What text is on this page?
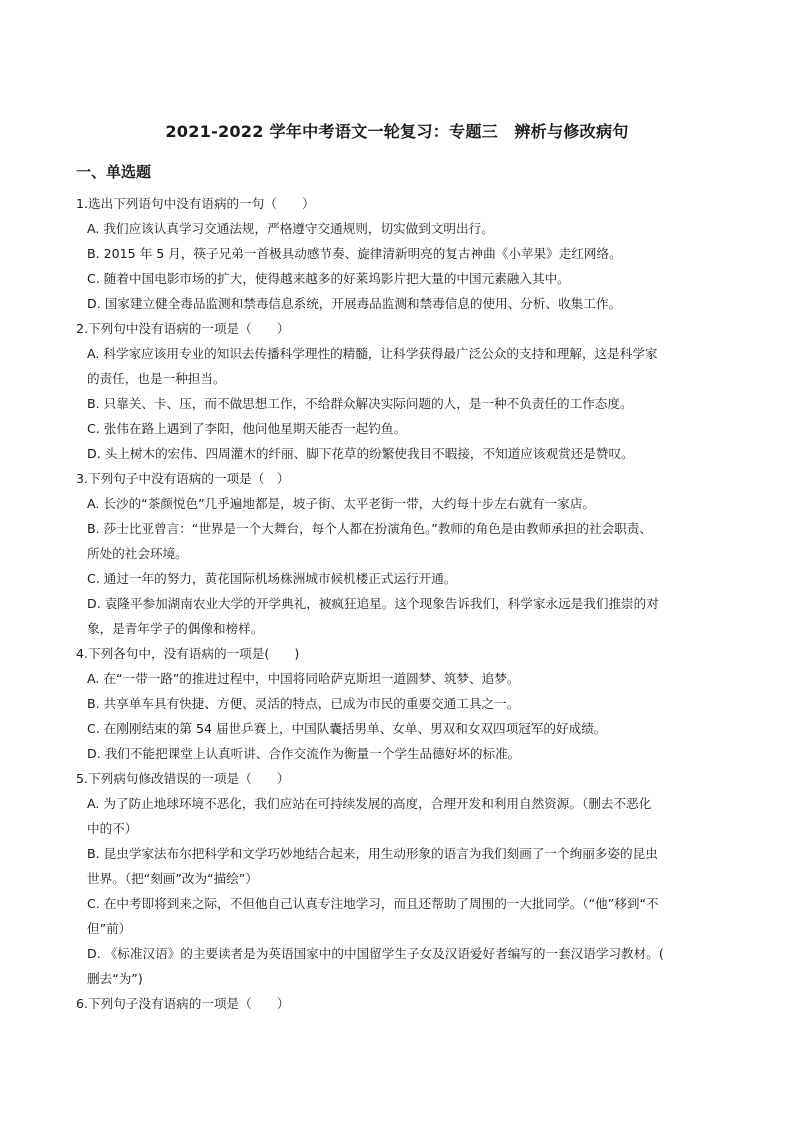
2021-2022 学年中考语文一轮复习：专题三　辨析与修改病句
一、单选题
1.选出下列语句中没有语病的一句（　　）
A. 我们应该认真学习交通法规，严格遵守交通规则，切实做到文明出行。
B. 2015 年 5 月，筷子兄弟一首极具动感节奏、旋律清新明亮的复古神曲《小苹果》走红网络。
C. 随着中国电影市场的扩大，使得越来越多的好莱坞影片把大量的中国元素融入其中。
D. 国家建立健全毒品监测和禁毒信息系统，开展毒品监测和禁毒信息的使用、分析、收集工作。
2.下列句中没有语病的一项是（　　）
A. 科学家应该用专业的知识去传播科学理性的精髓，让科学获得最广泛公众的支持和理解，这是科学家
的责任，也是一种担当。
B. 只靠关、卡、压，而不做思想工作，不给群众解决实际问题的人，是一种不负责任的工作态度。
C. 张伟在路上遇到了李阳，他问他星期天能否一起钓鱼。
D. 头上树木的宏伟、四周灌木的纤丽、脚下花草的纷繁使我目不暇接，不知道应该观赏还是赞叹。
3.下列句子中没有语病的一项是（　）
A. 长沙的“茶颜悦色”几乎遍地都是，坡子街、太平老街一带，大约每十步左右就有一家店。
B. 莎士比亚曾言：“世界是一个大舞台，每个人都在扮演角色。”教师的角色是由教师承担的社会职责、
所处的社会环境。
C. 通过一年的努力，黄花国际机场株洲城市候机楼正式运行开通。
D. 袁隆平参加湖南农业大学的开学典礼，被疯狂追星。这个现象告诉我们，科学家永远是我们推崇的对
象，是青年学子的偶像和榜样。
4.下列各句中，没有语病的一项是(　　)
A. 在“一带一路”的推进过程中，中国将同哈萨克斯坦一道圆梦、筑梦、追梦。
B. 共享单车具有快捷、方便、灵活的特点，已成为市民的重要交通工具之一。
C. 在刚刚结束的第 54 届世乒赛上，中国队囊括男单、女单、男双和女双四项冠军的好成绩。
D. 我们不能把课堂上认真听讲、合作交流作为衡量一个学生品德好坏的标准。
5.下列病句修改错误的一项是（　　）
A. 为了防止地球环境不恶化，我们应站在可持续发展的高度，合理开发和利用自然资源。（删去不恶化
中的不）
B. 昆虫学家法布尔把科学和文学巧妙地结合起来，用生动形象的语言为我们刻画了一个绚丽多姿的昆虫
世界。（把“刻画”改为“描绘”）
C. 在中考即将到来之际，不但他自己认真专注地学习，而且还帮助了周围的一大批同学。（“他”移到“不
但”前）
D. 《标准汉语》的主要读者是为英语国家中的中国留学生子女及汉语爱好者编写的一套汉语学习教材。(
删去“为”)
6.下列句子没有语病的一项是（　　）
